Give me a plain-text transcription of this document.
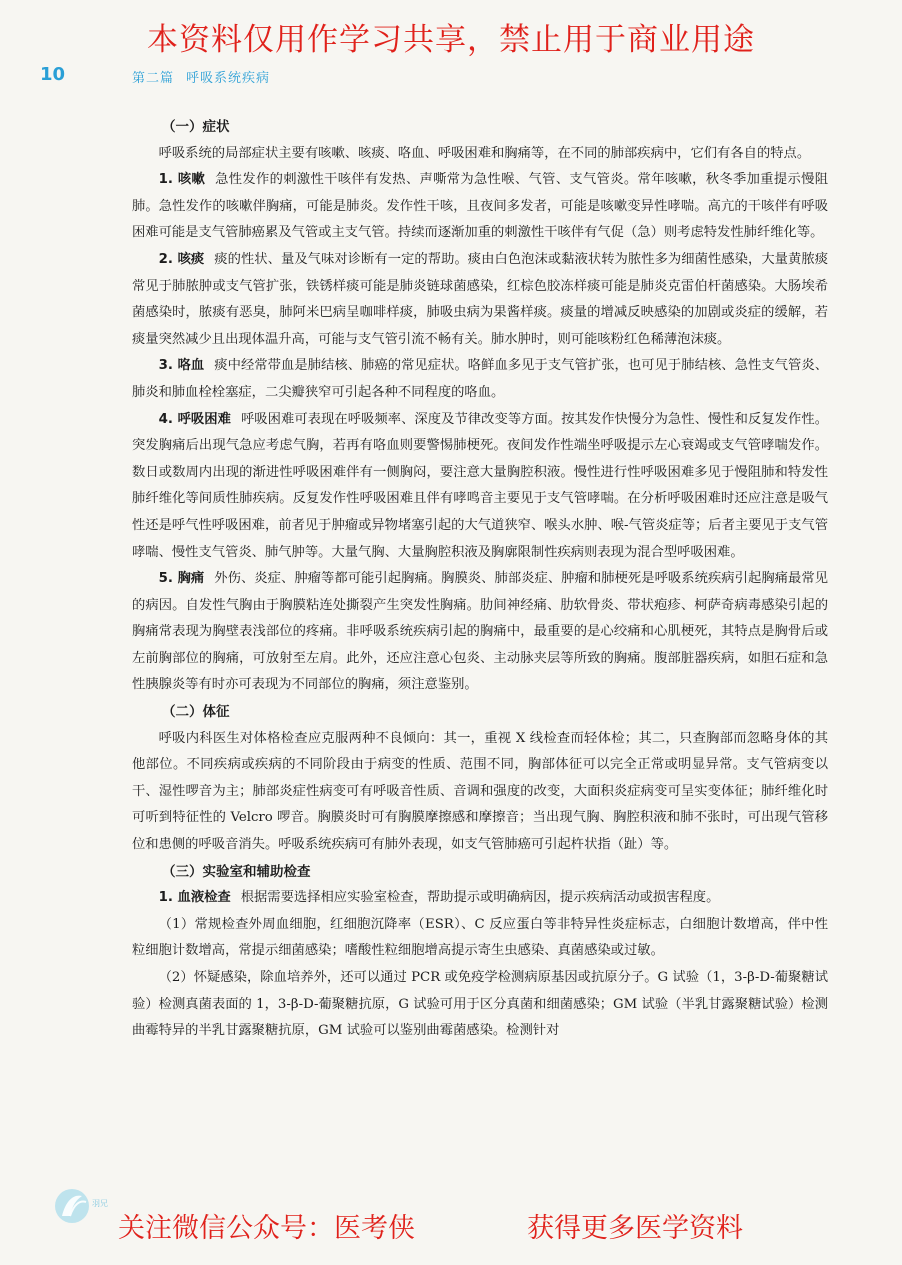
本资料仅用作学习共享，禁止用于商业用途
10	第二篇 呼吸系统疾病
（一）症状

呼吸系统的局部症状主要有咳嗽、咳痰、咯血、呼吸困难和胸痛等，在不同的肺部疾病中，它们有各自的特点。

1. 咳嗽 急性发作的刺激性干咳伴有发热、声嘶常为急性喉、气管、支气管炎。常年咳嗽，秋冬季加重提示慢阻肺。急性发作的咳嗽伴胸痛，可能是肺炎。发作性干咳，且夜间多发者，可能是咳嗽变异性哮喘。高亢的干咳伴有呼吸困难可能是支气管肺癌累及气管或主支气管。持续而逐渐加重的刺激性干咳伴有气促（急）则考虑特发性肺纤维化等。

2. 咳痰 痰的性状、量及气味对诊断有一定的帮助。痰由白色泡沫或黏液状转为脓性多为细菌性感染，大量黄脓痰常见于肺脓肿或支气管扩张，铁锈样痰可能是肺炎链球菌感染，红棕色胶冻样痰可能是肺炎克雷伯杆菌感染。大肠埃希菌感染时，脓痰有恶臭，肺阿米巴病呈咖啡样痰，肺吸虫病为果酱样痰。痰量的增减反映感染的加剧或炎症的缓解，若痰量突然减少且出现体温升高，可能与支气管引流不畅有关。肺水肿时，则可能咳粉红色稀薄泡沫痰。

3. 咯血 痰中经常带血是肺结核、肺癌的常见症状。咯鲜血多见于支气管扩张，也可见于肺结核、急性支气管炎、肺炎和肺血栓栓塞症，二尖瓣狭窄可引起各种不同程度的咯血。

4. 呼吸困难 呼吸困难可表现在呼吸频率、深度及节律改变等方面。按其发作快慢分为急性、慢性和反复发作性。突发胸痛后出现气急应考虑气胸，若再有咯血则要警惕肺梗死。夜间发作性端坐呼吸提示左心衰竭或支气管哮喘发作。数日或数周内出现的渐进性呼吸困难伴有一侧胸闷，要注意大量胸腔积液。慢性进行性呼吸困难多见于慢阻肺和特发性肺纤维化等间质性肺疾病。反复发作性呼吸困难且伴有哮鸣音主要见于支气管哮喘。在分析呼吸困难时还应注意是吸气性还是呼气性呼吸困难，前者见于肿瘤或异物堵塞引起的大气道狭窄、喉头水肿、喉-气管炎症等；后者主要见于支气管哮喘、慢性支气管炎、肺气肿等。大量气胸、大量胸腔积液及胸廓限制性疾病则表现为混合型呼吸困难。

5. 胸痛 外伤、炎症、肿瘤等都可能引起胸痛。胸膜炎、肺部炎症、肿瘤和肺梗死是呼吸系统疾病引起胸痛最常见的病因。自发性气胸由于胸膜粘连处撕裂产生突发性胸痛。肋间神经痛、肋软骨炎、带状疱疹、柯萨奇病毒感染引起的胸痛常表现为胸壁表浅部位的疼痛。非呼吸系统疾病引起的胸痛中，最重要的是心绞痛和心肌梗死，其特点是胸骨后或左前胸部位的胸痛，可放射至左肩。此外，还应注意心包炎、主动脉夹层等所致的胸痛。腹部脏器疾病，如胆石症和急性胰腺炎等有时亦可表现为不同部位的胸痛，须注意鉴别。

（二）体征

呼吸内科医生对体格检查应克服两种不良倾向：其一，重视 X 线检查而轻体检；其二，只查胸部而忽略身体的其他部位。不同疾病或疾病的不同阶段由于病变的性质、范围不同，胸部体征可以完全正常或明显异常。支气管病变以干、湿性啰音为主；肺部炎症性病变可有呼吸音性质、音调和强度的改变，大面积炎症病变可呈实变体征；肺纤维化时可听到特征性的 Velcro 啰音。胸膜炎时可有胸膜摩擦感和摩擦音；当出现气胸、胸腔积液和肺不张时，可出现气管移位和患侧的呼吸音消失。呼吸系统疾病可有肺外表现，如支气管肺癌可引起杵状指（趾）等。

（三）实验室和辅助检查

1. 血液检查 根据需要选择相应实验室检查，帮助提示或明确病因，提示疾病活动或损害程度。

（1）常规检查外周血细胞，红细胞沉降率（ESR）、C 反应蛋白等非特异性炎症标志，白细胞计数增高，伴中性粒细胞计数增高，常提示细菌感染；嗜酸性粒细胞增高提示寄生虫感染、真菌感染或过敏。

（2）怀疑感染，除血培养外，还可以通过 PCR 或免疫学检测病原基因或抗原分子。G 试验（1，3-β-D-葡聚糖试验）检测真菌表面的 1，3-β-D-葡聚糖抗原，G 试验可用于区分真菌和细菌感染；GM 试验（半乳甘露聚糖试验）检测曲霉特异的半乳甘露聚糖抗原，GM 试验可以鉴别曲霉菌感染。检测针对

羽兄
关注微信公众号：医考侠	获得更多医学资料
